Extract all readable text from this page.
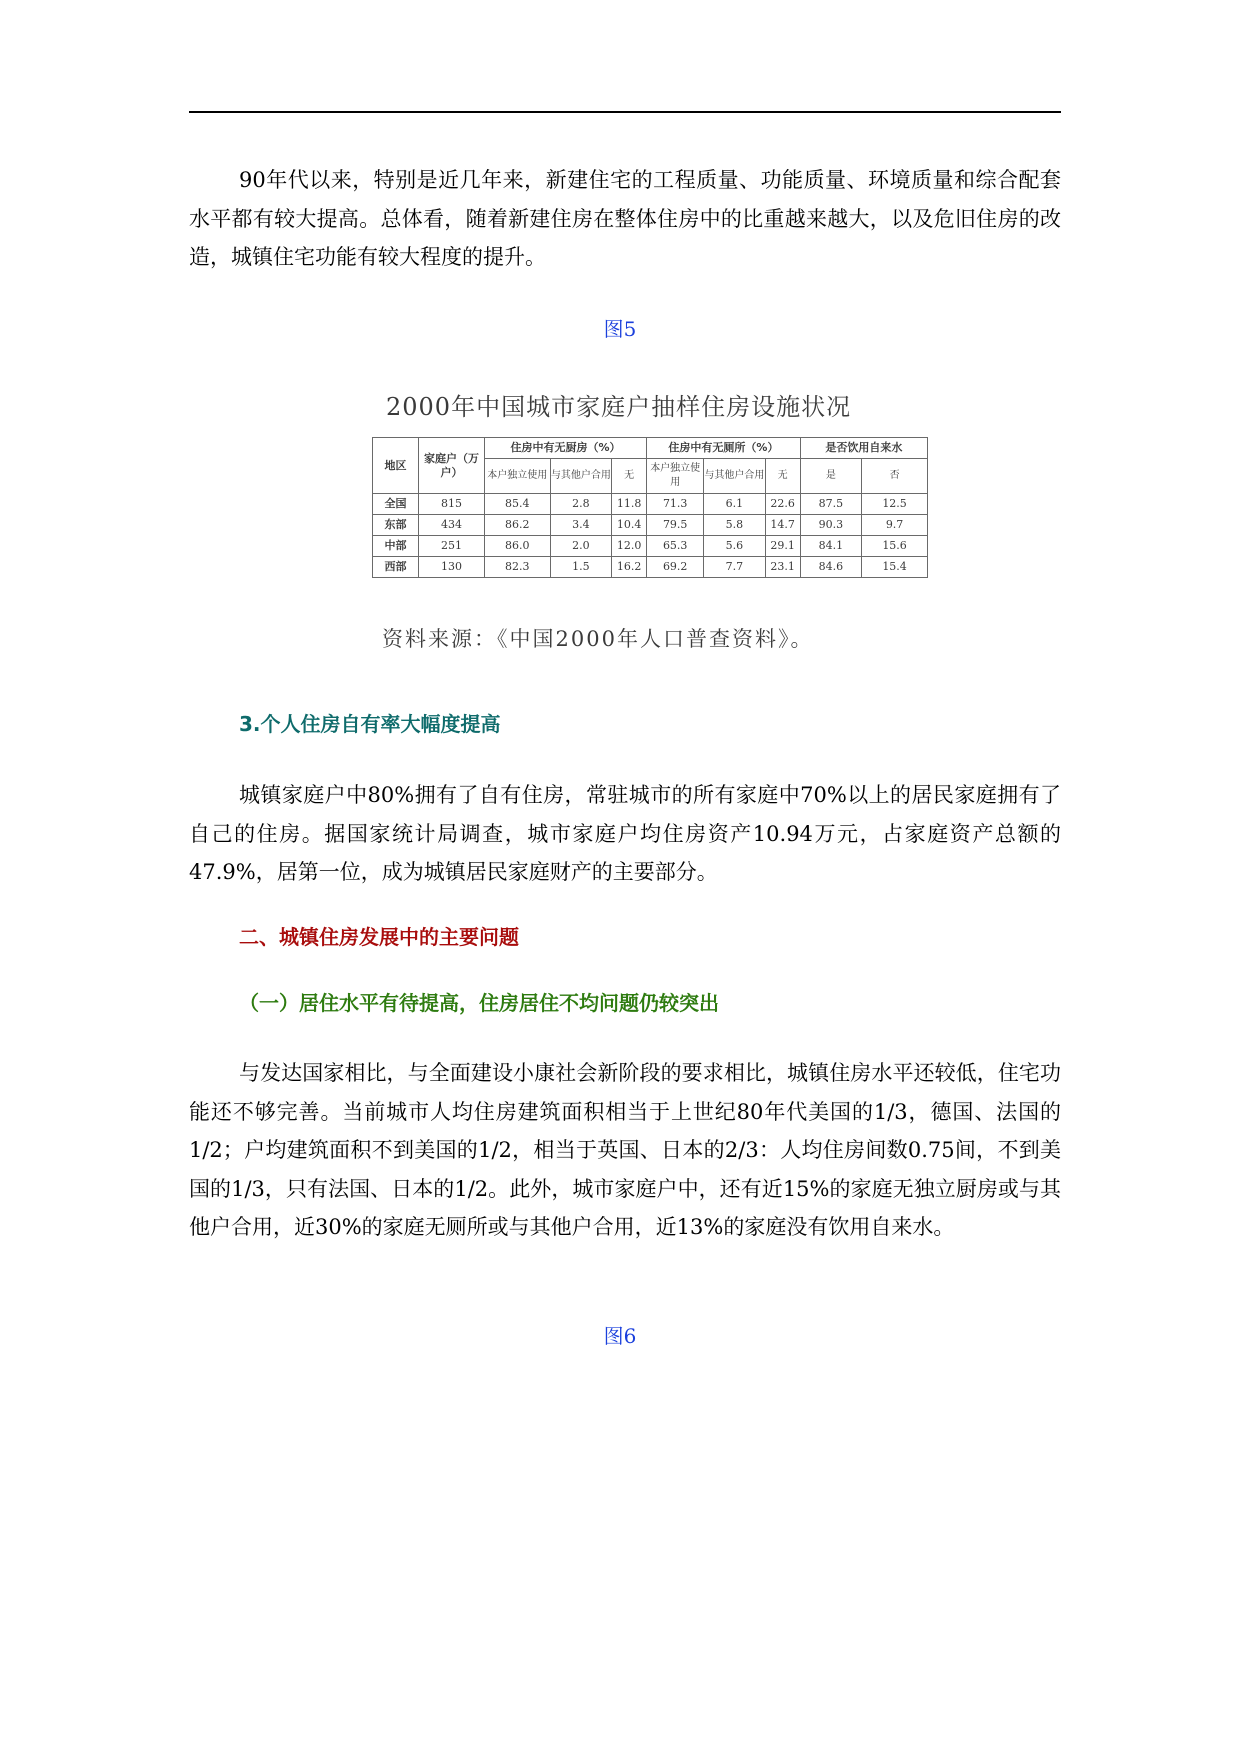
90年代以来，特别是近几年来，新建住宅的工程质量、功能质量、环境质量和综合配套水平都有较大提高。总体看，随着新建住房在整体住房中的比重越来越大，以及危旧住房的改造，城镇住宅功能有较大程度的提升。

图5
2000年中国城市家庭户抽样住房设施状况
地区	家庭户（万户）	住房中有无厨房（%）			住房中有无厕所（%）			是否饮用自来水	
		本户独立使用	与其他户合用	无	本户独立使用	与其他户合用	无	是	否
全国	815	85.4	2.8	11.8	71.3	6.1	22.6	87.5	12.5
东部	434	86.2	3.4	10.4	79.5	5.8	14.7	90.3	9.7
中部	251	86.0	2.0	12.0	65.3	5.6	29.1	84.1	15.6
西部	130	82.3	1.5	16.2	69.2	7.7	23.1	84.6	15.4
资料来源：《中国2000年人口普查资料》。
3.个人住房自有率大幅度提高

城镇家庭户中80%拥有了自有住房，常驻城市的所有家庭中70%以上的居民家庭拥有了自己的住房。据国家统计局调查，城市家庭户均住房资产10.94万元，占家庭资产总额的47.9%，居第一位，成为城镇居民家庭财产的主要部分。

二、城镇住房发展中的主要问题
（一）居住水平有待提高，住房居住不均问题仍较突出

与发达国家相比，与全面建设小康社会新阶段的要求相比，城镇住房水平还较低，住宅功能还不够完善。当前城市人均住房建筑面积相当于上世纪80年代美国的1/3，德国、法国的1/2；户均建筑面积不到美国的1/2，相当于英国、日本的2/3：人均住房间数0.75间，不到美国的1/3，只有法国、日本的1/2。此外，城市家庭户中，还有近15%的家庭无独立厨房或与其他户合用，近30%的家庭无厕所或与其他户合用，近13%的家庭没有饮用自来水。

图6
